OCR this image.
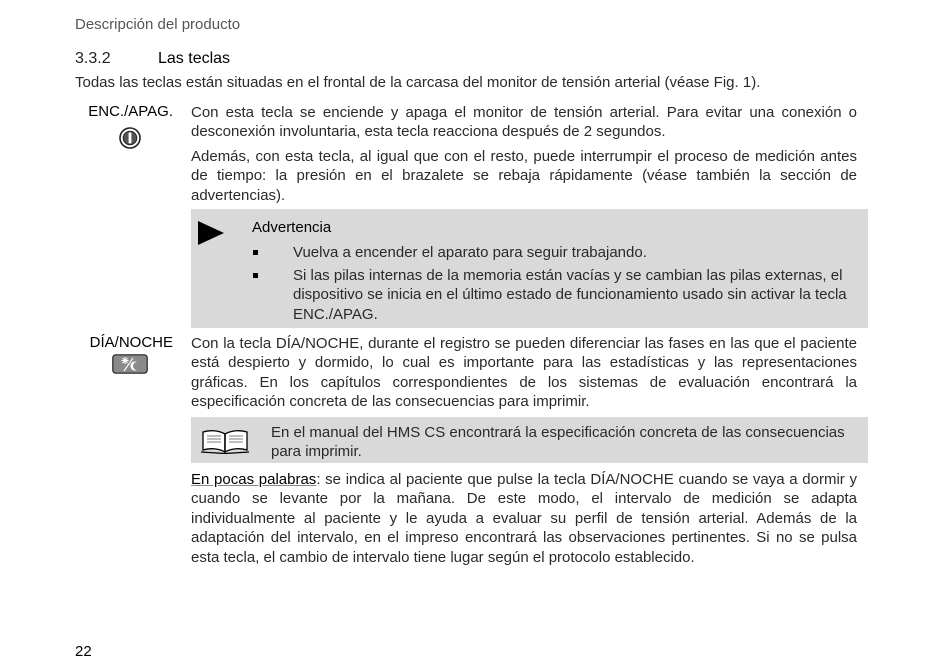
Descripción del producto
3.3.2	Las teclas
Todas las teclas están situadas en el frontal de la carcasa del monitor de tensión arterial (véase Fig. 1).
ENC./APAG. Con esta tecla se enciende y apaga el monitor de tensión arterial. Para evitar una conexión o desconexión involuntaria, esta tecla reacciona después de 2 segundos.

Además, con esta tecla, al igual que con el resto, puede interrumpir el proceso de medición antes de tiempo: la presión en el brazalete se rebaja rápidamente (véase también la sección de advertencias).

Advertencia
Vuelva a encender el aparato para seguir trabajando.
Si las pilas internas de la memoria están vacías y se cambian las pilas externas, el dispositivo se inicia en el último estado de funcionamiento usado sin activar la tecla ENC./APAG.
DÍA/NOCHE Con la tecla DÍA/NOCHE, durante el registro se pueden diferenciar las fases en las que el paciente está despierto y dormido, lo cual es importante para las estadísticas y las representaciones gráficas. En los capítulos correspondientes de los sistemas de evaluación encontrará la especificación concreta de las consecuencias para imprimir.

En el manual del HMS CS encontrará la especificación concreta de las consecuencias
para imprimir.

En pocas palabras: se indica al paciente que pulse la tecla DÍA/NOCHE cuando se vaya a dormir y cuando se levante por la mañana. De este modo, el intervalo de medición se adapta individualmente al paciente y le ayuda a evaluar su perfil de tensión arterial. Además de la adaptación del intervalo, en el impreso encontrará las observaciones pertinentes. Si no se pulsa esta tecla, el cambio de intervalo tiene lugar según el protocolo establecido.

22
